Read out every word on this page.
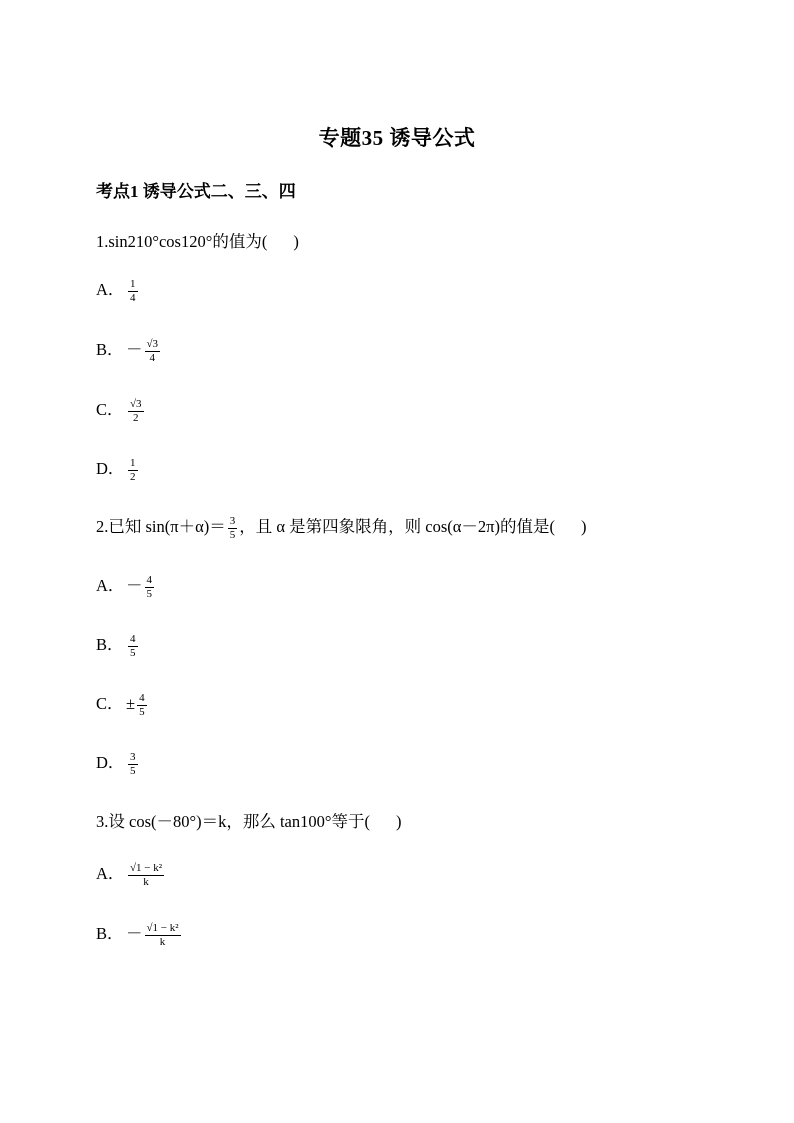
专题35 诱导公式
考点1 诱导公式二、三、四
1.sin210°cos120°的值为( )
A． $\frac{1}{4}$
B． － $\frac{√3}{4}$
C． $\frac{√3}{2}$
D． $\frac{1}{2}$
2.已知 $\sin(\pi+\alpha)= \frac{3}{5}$ ，且 α 是第四象限角，则 cos(α－2π)的值是( )
A．－ $\frac{4}{5}$
B． $\frac{4}{5}$
C． ± $\frac{4}{5}$
D． $\frac{3}{5}$
3.设 cos(－80°)＝k，那么 tan100°等于( )
A． $\frac{\text{√1 − k²}}{k}$
B． － $\frac{\text{√1 − k²}}{k}$
